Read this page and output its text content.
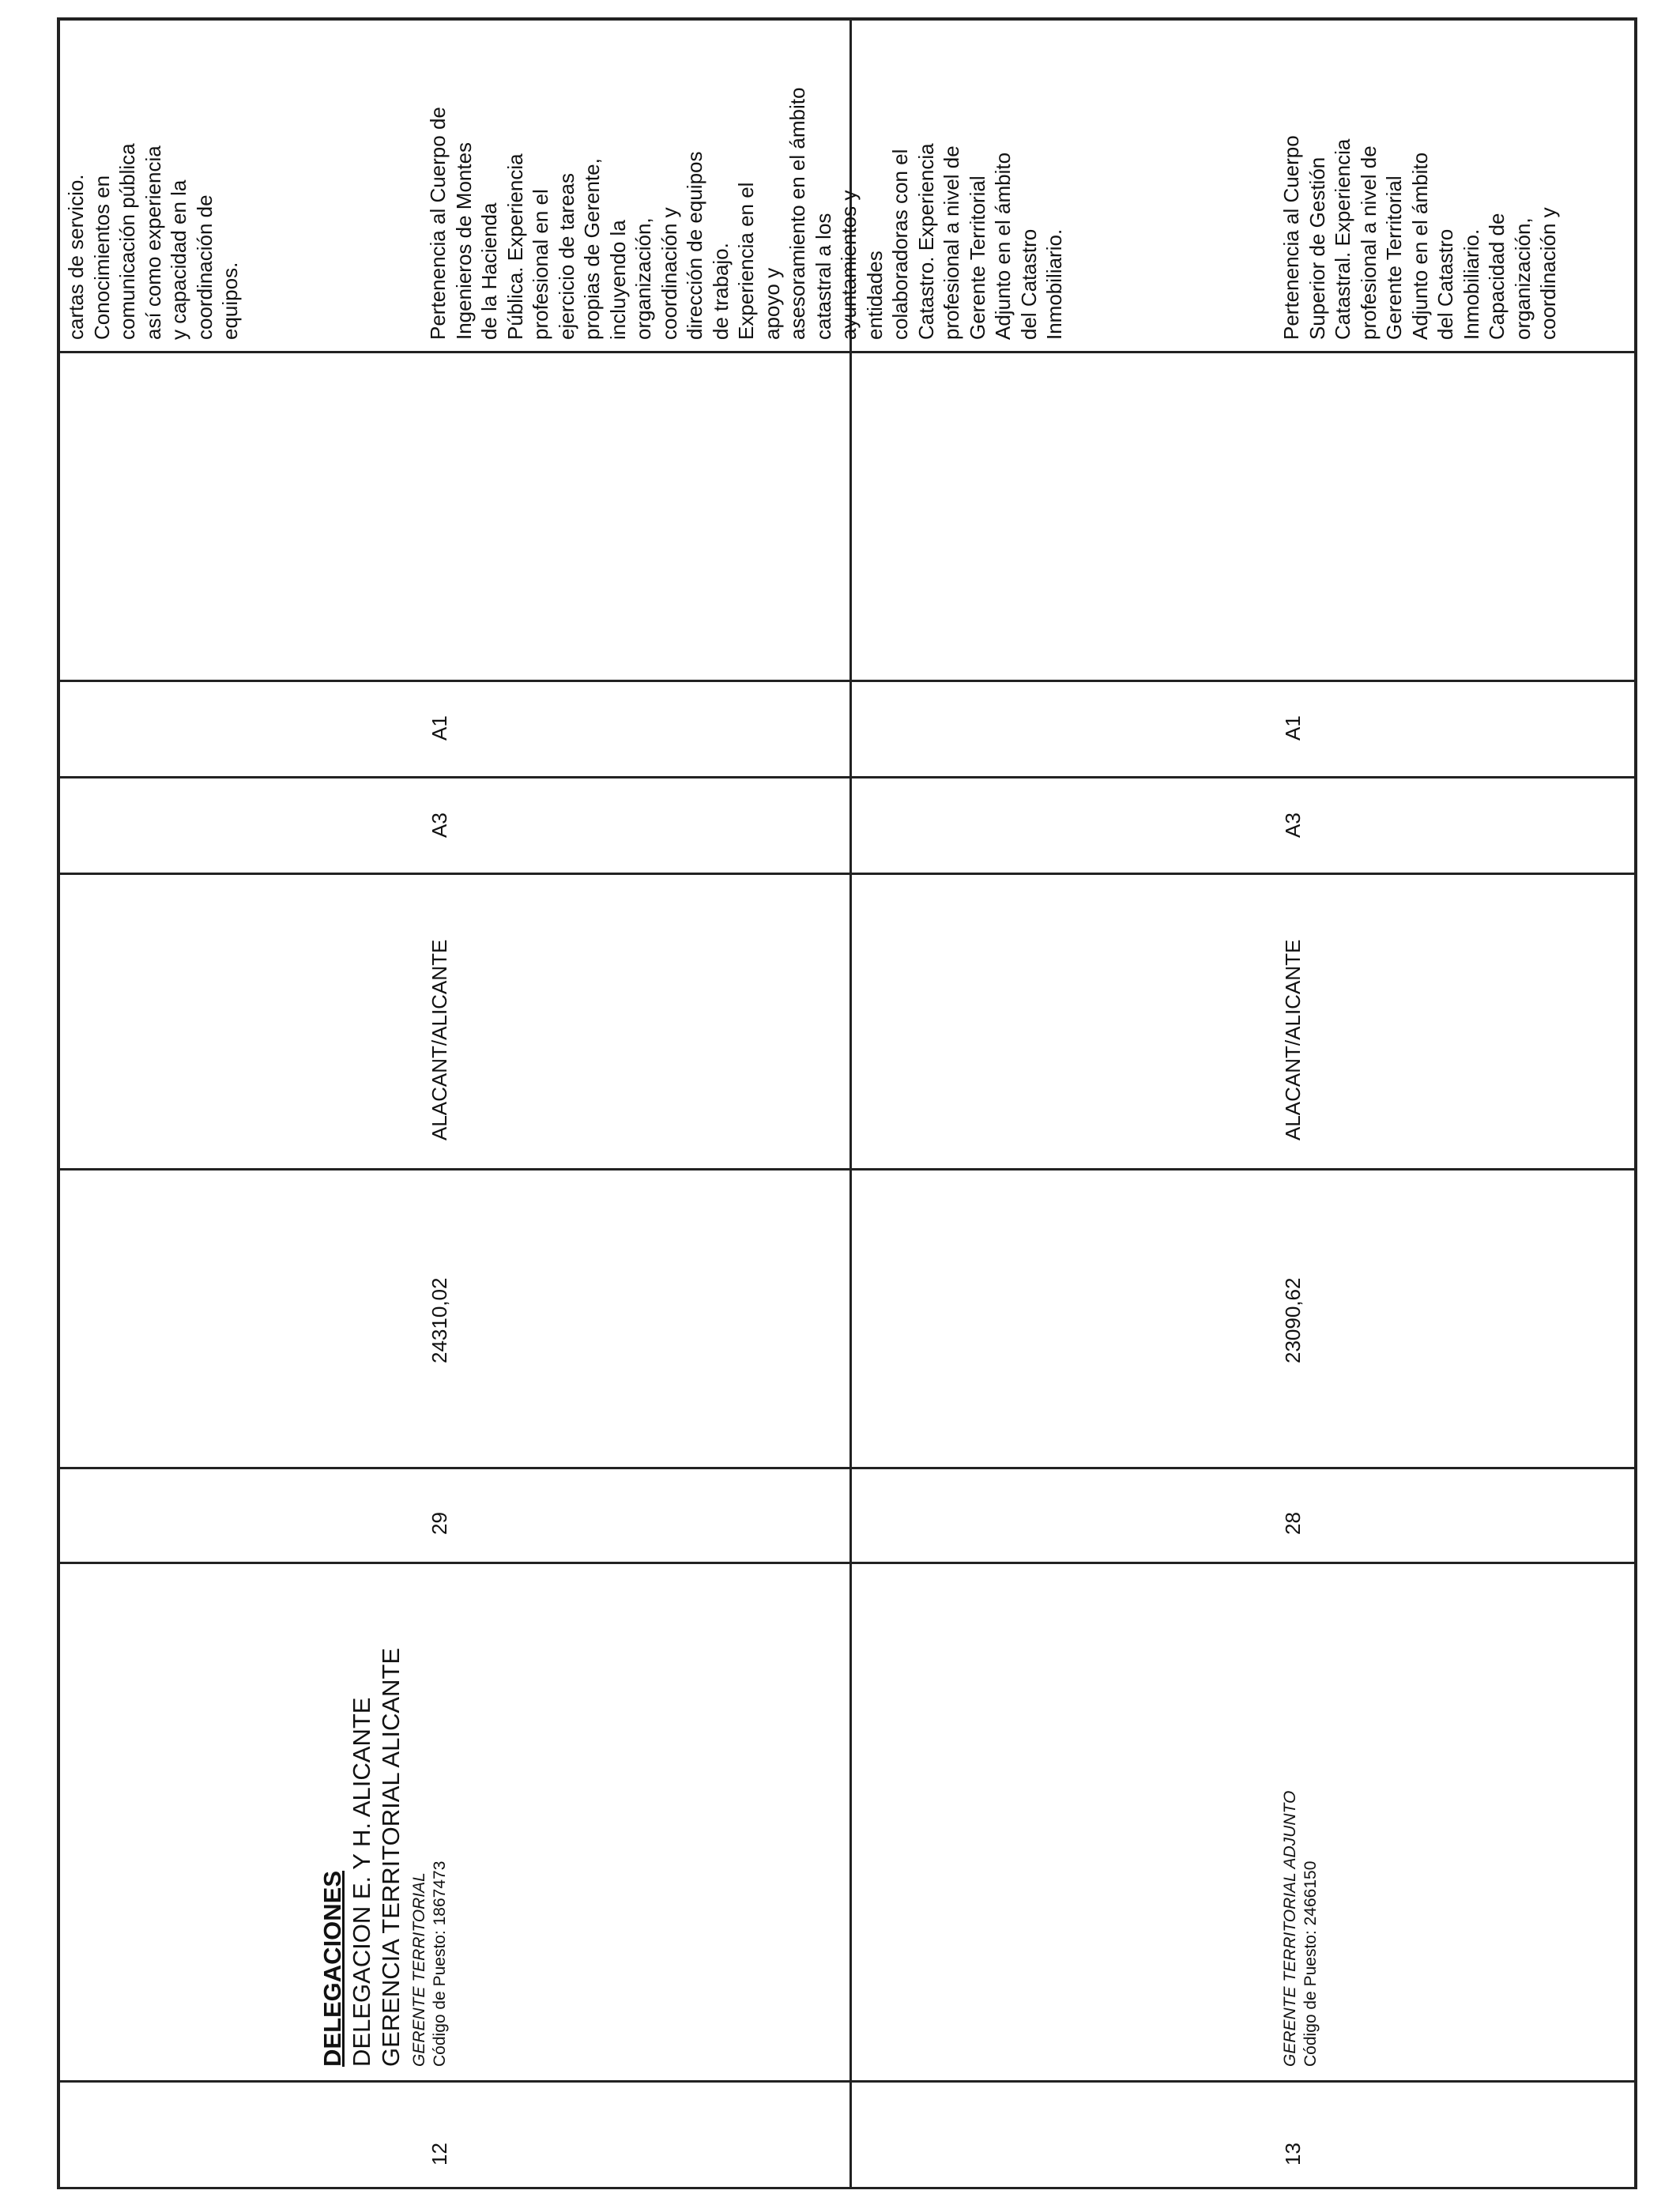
cartas de servicio. Conocimientos en comunicación pública así como experiencia y capacidad en la coordinación de equipos.
DELEGACIONES DELEGACION E. Y H. ALICANTE GERENCIA TERRITORIAL ALICANTE GERENTE TERRITORIAL Código de Puesto: 1867473
12
29
24310,02
ALACANT/ALICANTE
A3
A1
Pertenencia al Cuerpo de Ingenieros de Montes de la Hacienda Pública. Experiencia profesional en el ejercicio de tareas propias de Gerente, incluyendo la organización, coordinación y dirección de equipos de trabajo. Experiencia en el apoyo y asesoramiento en el ámbito catastral a los ayuntamientos y entidades colaboradoras con el Catastro. Experiencia profesional a nivel de Gerente Territorial Adjunto en el ámbito del Catastro Inmobiliario.
13
GERENTE TERRITORIAL ADJUNTO Código de Puesto: 2466150
28
23090,62
ALACANT/ALICANTE
A3
A1
Pertenencia al Cuerpo Superior de Gestión Catastral. Experiencia profesional a nivel de Gerente Territorial Adjunto en el ámbito del Catastro Inmobiliario. Capacidad de organización, coordinación y
